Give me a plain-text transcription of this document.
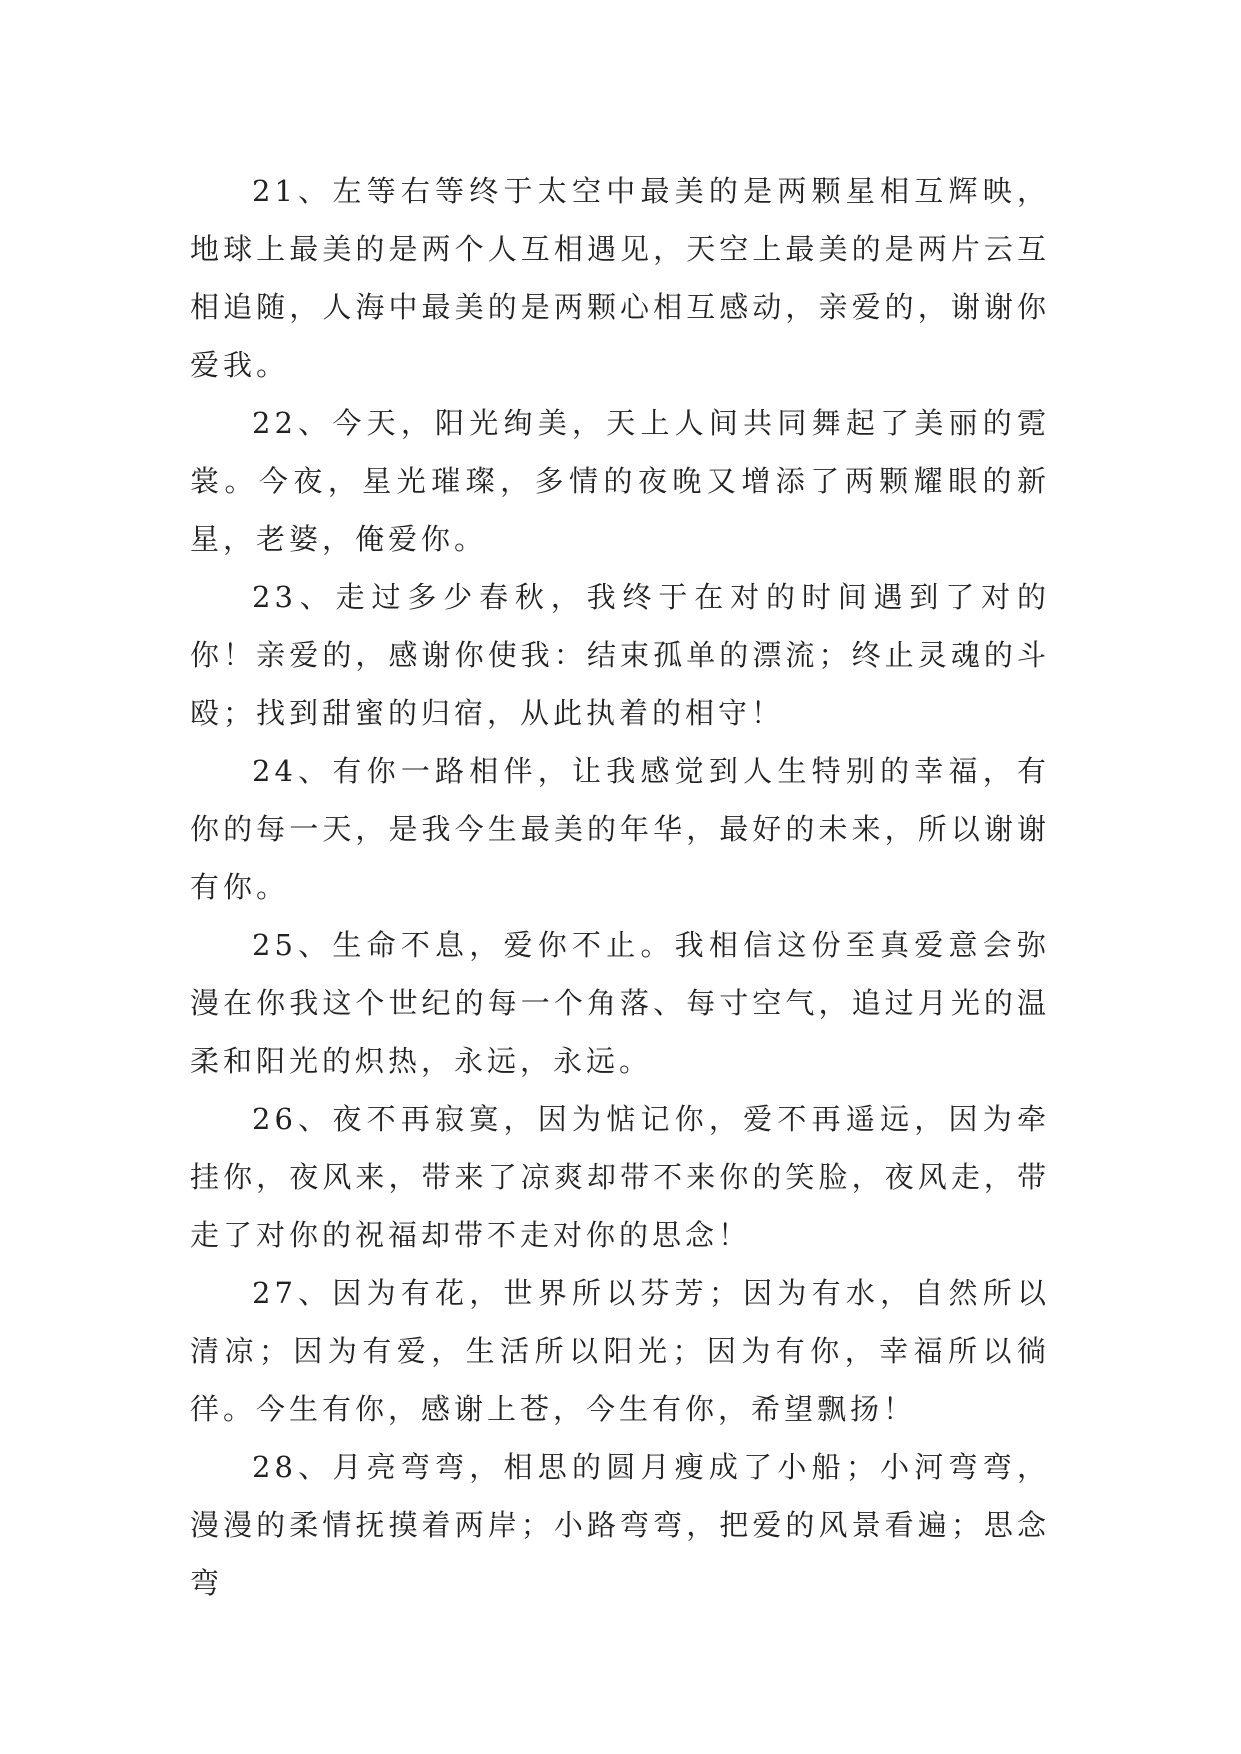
21、左等右等终于太空中最美的是两颗星相互辉映，地球上最美的是两个人互相遇见，天空上最美的是两片云互相追随，人海中最美的是两颗心相互感动，亲爱的，谢谢你爱我。

22、今天，阳光绚美，天上人间共同舞起了美丽的霓裳。今夜，星光璀璨，多情的夜晚又增添了两颗耀眼的新星，老婆，俺爱你。

23、走过多少春秋，我终于在对的时间遇到了对的你！亲爱的，感谢你使我：结束孤单的漂流；终止灵魂的斗殴；找到甜蜜的归宿，从此执着的相守！

24、有你一路相伴，让我感觉到人生特别的幸福，有你的每一天，是我今生最美的年华，最好的未来，所以谢谢有你。

25、生命不息，爱你不止。我相信这份至真爱意会弥漫在你我这个世纪的每一个角落、每寸空气，追过月光的温柔和阳光的炽热，永远，永远。

26、夜不再寂寞，因为惦记你，爱不再遥远，因为牵挂你，夜风来，带来了凉爽却带不来你的笑脸，夜风走，带走了对你的祝福却带不走对你的思念！

27、因为有花，世界所以芬芳；因为有水，自然所以清凉；因为有爱，生活所以阳光；因为有你，幸福所以徜徉。今生有你，感谢上苍，今生有你，希望飘扬！

28、月亮弯弯，相思的圆月瘦成了小船；小河弯弯，漫漫的柔情抚摸着两岸；小路弯弯，把爱的风景看遍；思念弯
